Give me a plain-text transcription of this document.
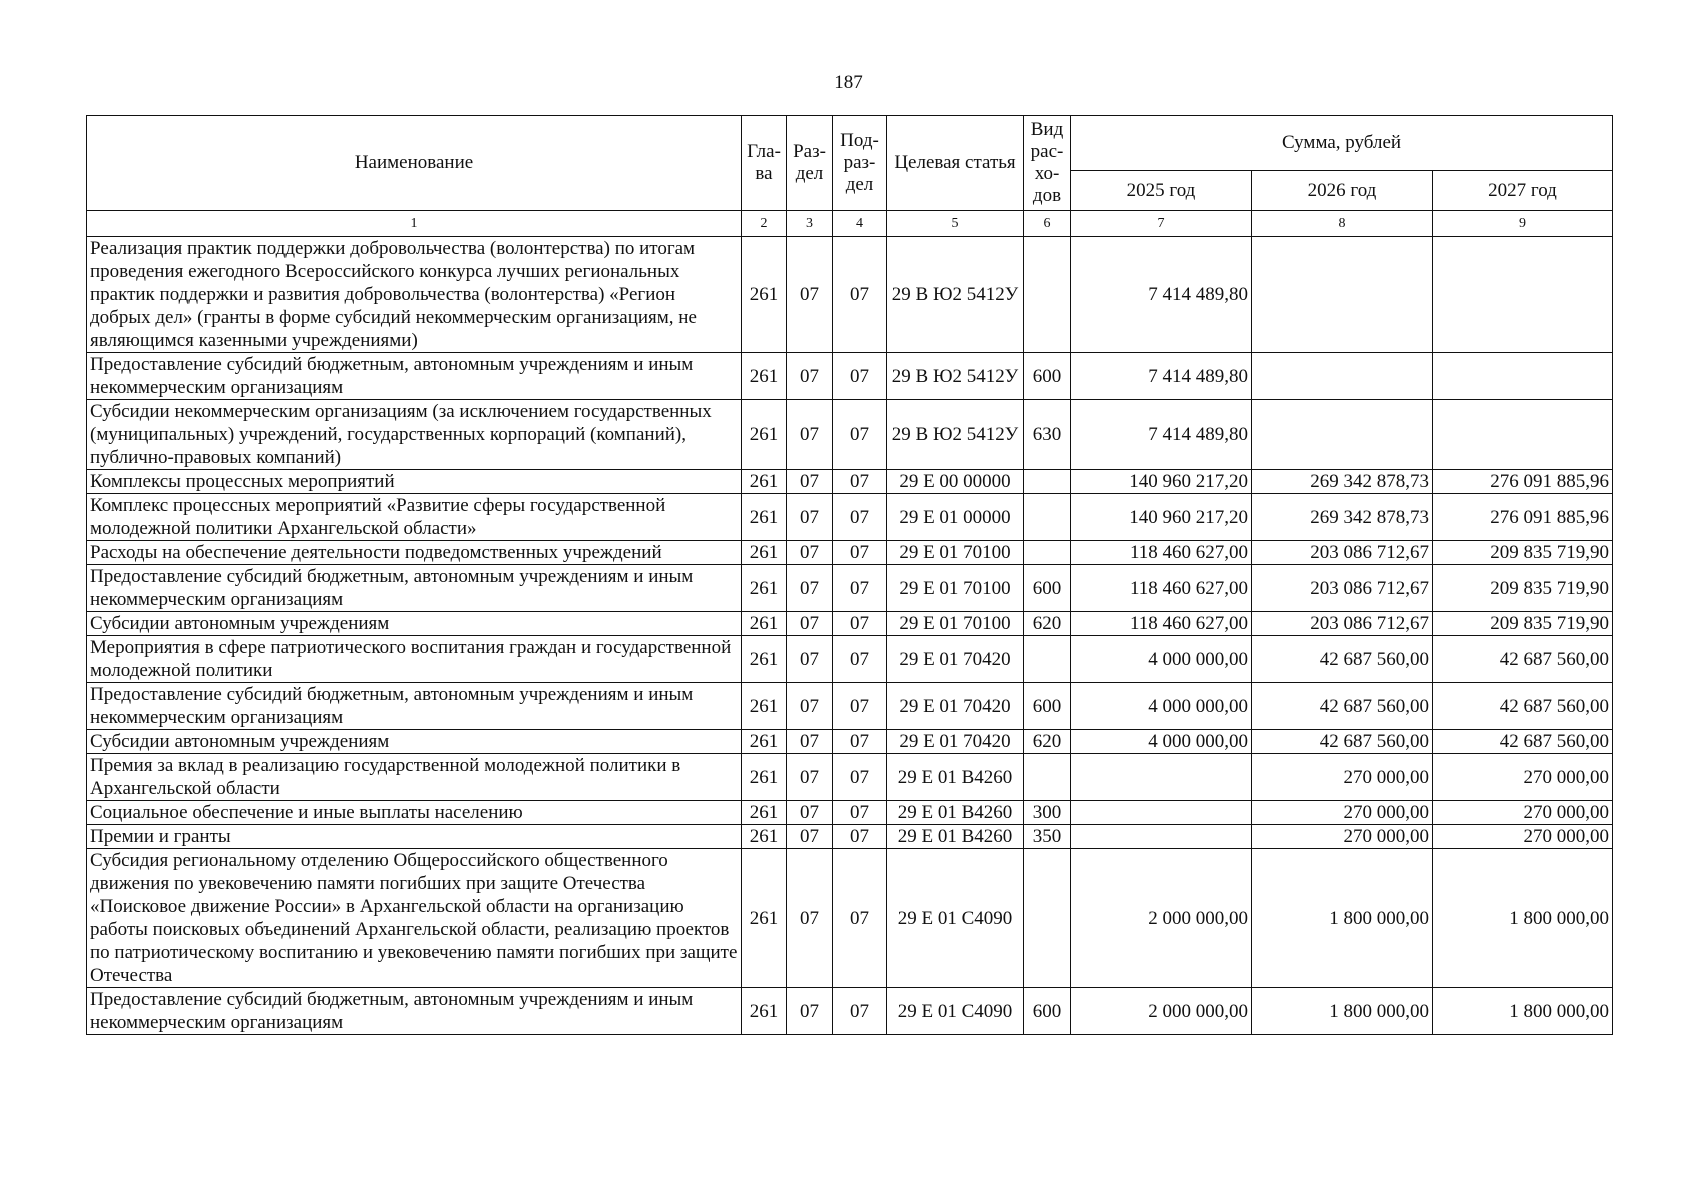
187
Наименование	Гла- ва	Раз- дел	Под- раз- дел	Целевая статья	Вид рас- хо- дов	Сумма, рублей		
						2025 год	2026 год	2027 год
1	2	3	4	5	6	7	8	9
Реализация практик поддержки добровольчества (волонтерства) по итогам проведения ежегодного Всероссийского конкурса лучших региональных практик поддержки и развития добровольчества (волонтерства) «Регион добрых дел» (гранты в форме субсидий некоммерческим организациям, не являющимся казенными учреждениями)	261	07	07	29 В Ю2 5412У		7 414 489,80		
Предоставление субсидий бюджетным, автономным учреждениям и иным некоммерческим организациям	261	07	07	29 В Ю2 5412У	600	7 414 489,80		
Субсидии некоммерческим организациям (за исключением государственных (муниципальных) учреждений, государственных корпораций (компаний), публично-правовых компаний)	261	07	07	29 В Ю2 5412У	630	7 414 489,80		
Комплексы процессных мероприятий	261	07	07	29 Е 00 00000		140 960 217,20	269 342 878,73	276 091 885,96
Комплекс процессных мероприятий «Развитие сферы государственной молодежной политики Архангельской области»	261	07	07	29 Е 01 00000		140 960 217,20	269 342 878,73	276 091 885,96
Расходы на обеспечение деятельности подведомственных учреждений	261	07	07	29 Е 01 70100		118 460 627,00	203 086 712,67	209 835 719,90
Предоставление субсидий бюджетным, автономным учреждениям и иным некоммерческим организациям	261	07	07	29 Е 01 70100	600	118 460 627,00	203 086 712,67	209 835 719,90
Субсидии автономным учреждениям	261	07	07	29 Е 01 70100	620	118 460 627,00	203 086 712,67	209 835 719,90
Мероприятия в сфере патриотического воспитания граждан и государственной молодежной политики	261	07	07	29 Е 01 70420		4 000 000,00	42 687 560,00	42 687 560,00
Предоставление субсидий бюджетным, автономным учреждениям и иным некоммерческим организациям	261	07	07	29 Е 01 70420	600	4 000 000,00	42 687 560,00	42 687 560,00
Субсидии автономным учреждениям	261	07	07	29 Е 01 70420	620	4 000 000,00	42 687 560,00	42 687 560,00
Премия за вклад в реализацию государственной молодежной политики в Архангельской области	261	07	07	29 Е 01 В4260			270 000,00	270 000,00
Социальное обеспечение и иные выплаты населению	261	07	07	29 Е 01 В4260	300		270 000,00	270 000,00
Премии и гранты	261	07	07	29 Е 01 В4260	350		270 000,00	270 000,00
Субсидия региональному отделению Общероссийского общественного движения по увековечению памяти погибших при защите Отечества «Поисковое движение России» в Архангельской области на организацию работы поисковых объединений Архангельской области, реализацию проектов по патриотическому воспитанию и увековечению памяти погибших при защите Отечества	261	07	07	29 Е 01 С4090		2 000 000,00	1 800 000,00	1 800 000,00
Предоставление субсидий бюджетным, автономным учреждениям и иным некоммерческим организациям	261	07	07	29 Е 01 С4090	600	2 000 000,00	1 800 000,00	1 800 000,00
